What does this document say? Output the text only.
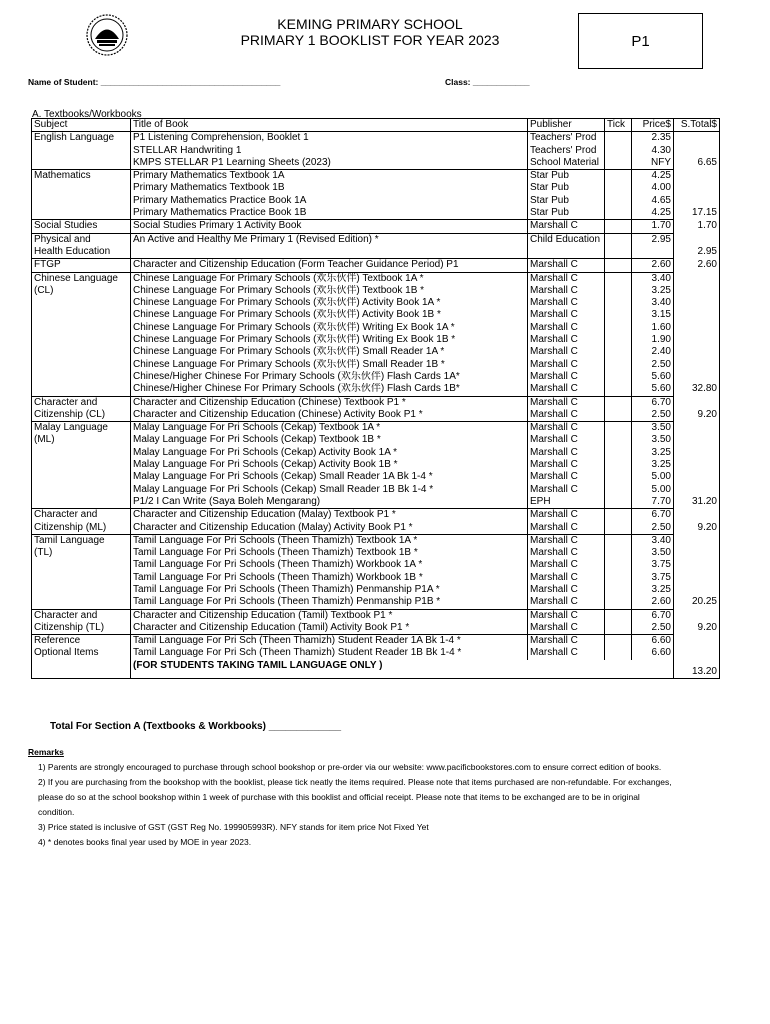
KEMING PRIMARY SCHOOL
PRIMARY 1 BOOKLIST FOR YEAR 2023	P1
Name of Student: ______________________________________	Class: ____________
A. Textbooks/Workbooks
Subject	Title of Book	Publisher	Tick	Price$	S.Total$
English Language	P1 Listening Comprehension, Booklet 1	Teachers' Prod		2.35	
	STELLAR Handwriting 1	Teachers' Prod		4.30	
	KMPS STELLAR P1 Learning Sheets (2023)	School Material		NFY	6.65
Mathematics	Primary Mathematics Textbook 1A	Star Pub		4.25	
	Primary Mathematics Textbook 1B	Star Pub		4.00	
	Primary Mathematics Practice Book 1A	Star Pub		4.65	
	Primary Mathematics Practice Book 1B	Star Pub		4.25	17.15
Social Studies	Social Studies Primary 1 Activity Book	Marshall C		1.70	1.70
Physical and	An Active and Healthy Me Primary 1 (Revised Edition) *	Child Education		2.95	
Health Education					2.95
FTGP	Character and Citizenship Education (Form Teacher Guidance Period) P1	Marshall C		2.60	2.60
Chinese Language	Chinese Language For Primary Schools (欢乐伙伴) Textbook 1A *	Marshall C		3.40	
(CL)	Chinese Language For Primary Schools (欢乐伙伴) Textbook 1B *	Marshall C		3.25	
	Chinese Language For Primary Schools (欢乐伙伴) Activity Book 1A *	Marshall C		3.40	
	Chinese Language For Primary Schools (欢乐伙伴) Activity Book 1B *	Marshall C		3.15	
	Chinese Language For Primary Schools (欢乐伙伴) Writing Ex Book 1A *	Marshall C		1.60	
	Chinese Language For Primary Schools (欢乐伙伴) Writing Ex Book 1B *	Marshall C		1.90	
	Chinese Language For Primary Schools (欢乐伙伴) Small Reader 1A *	Marshall C		2.40	
	Chinese Language For Primary Schools (欢乐伙伴) Small Reader 1B *	Marshall C		2.50	
	Chinese/Higher Chinese For Primary Schools (欢乐伙伴) Flash Cards 1A*	Marshall C		5.60	
	Chinese/Higher Chinese For Primary Schools (欢乐伙伴) Flash Cards 1B*	Marshall C		5.60	32.80
Character and	Character and Citizenship Education (Chinese) Textbook P1 *	Marshall C		6.70	
Citizenship (CL)	Character and Citizenship Education (Chinese) Activity Book P1 *	Marshall C		2.50	9.20
Malay Language	Malay Language For Pri Schools (Cekap) Textbook 1A *	Marshall C		3.50	
(ML)	Malay Language For Pri Schools (Cekap) Textbook 1B *	Marshall C		3.50	
	Malay Language For Pri Schools (Cekap) Activity Book 1A *	Marshall C		3.25	
	Malay Language For Pri Schools (Cekap) Activity Book 1B *	Marshall C		3.25	
	Malay Language For Pri Schools (Cekap) Small Reader 1A Bk 1-4 *	Marshall C		5.00	
	Malay Language For Pri Schools (Cekap) Small Reader 1B Bk 1-4 *	Marshall C		5.00	
	P1/2 I Can Write (Saya Boleh Mengarang)	EPH		7.70	31.20
Character and	Character and Citizenship Education (Malay) Textbook P1 *	Marshall C		6.70	
Citizenship (ML)	Character and Citizenship Education (Malay) Activity Book P1 *	Marshall C		2.50	9.20
Tamil Language	Tamil Language For Pri Schools (Theen Thamizh) Textbook 1A *	Marshall C		3.40	
(TL)	Tamil Language For Pri Schools (Theen Thamizh) Textbook 1B *	Marshall C		3.50	
	Tamil Language For Pri Schools (Theen Thamizh) Workbook 1A *	Marshall C		3.75	
	Tamil Language For Pri Schools (Theen Thamizh) Workbook 1B *	Marshall C		3.75	
	Tamil Language For Pri Schools (Theen Thamizh) Penmanship P1A *	Marshall C		3.25	
	Tamil Language For Pri Schools (Theen Thamizh) Penmanship P1B *	Marshall C		2.60	20.25
Character and	Character and Citizenship Education (Tamil) Textbook P1 *	Marshall C		6.70	
Citizenship (TL)	Character and Citizenship Education (Tamil) Activity Book P1 *	Marshall C		2.50	9.20
Reference	Tamil Language For Pri Sch (Theen Thamizh) Student Reader 1A Bk 1-4 *	Marshall C		6.60	
Optional Items	Tamil Language For Pri Sch (Theen Thamizh) Student Reader 1B Bk 1-4 *	Marshall C		6.60	
	(FOR STUDENTS TAKING TAMIL LANGUAGE ONLY )				13.20
Total For Section A (Textbooks & Workbooks) _____________
Remarks

1) Parents are strongly encouraged to purchase through school bookshop or pre-order via our website: www.pacificbookstores.com to ensure correct edition of books.

2) If you are purchasing from the bookshop with the booklist, please tick neatly the items required. Please note that items purchased are non-refundable. For exchanges,

please do so at the school bookshop within 1 week of purchase with this booklist and official receipt. Please note that items to be exchanged are to be in original

condition.

3) Price stated is inclusive of GST (GST Reg No. 199905993R). NFY stands for item price Not Fixed Yet

4) * denotes books final year used by MOE in year 2023.
